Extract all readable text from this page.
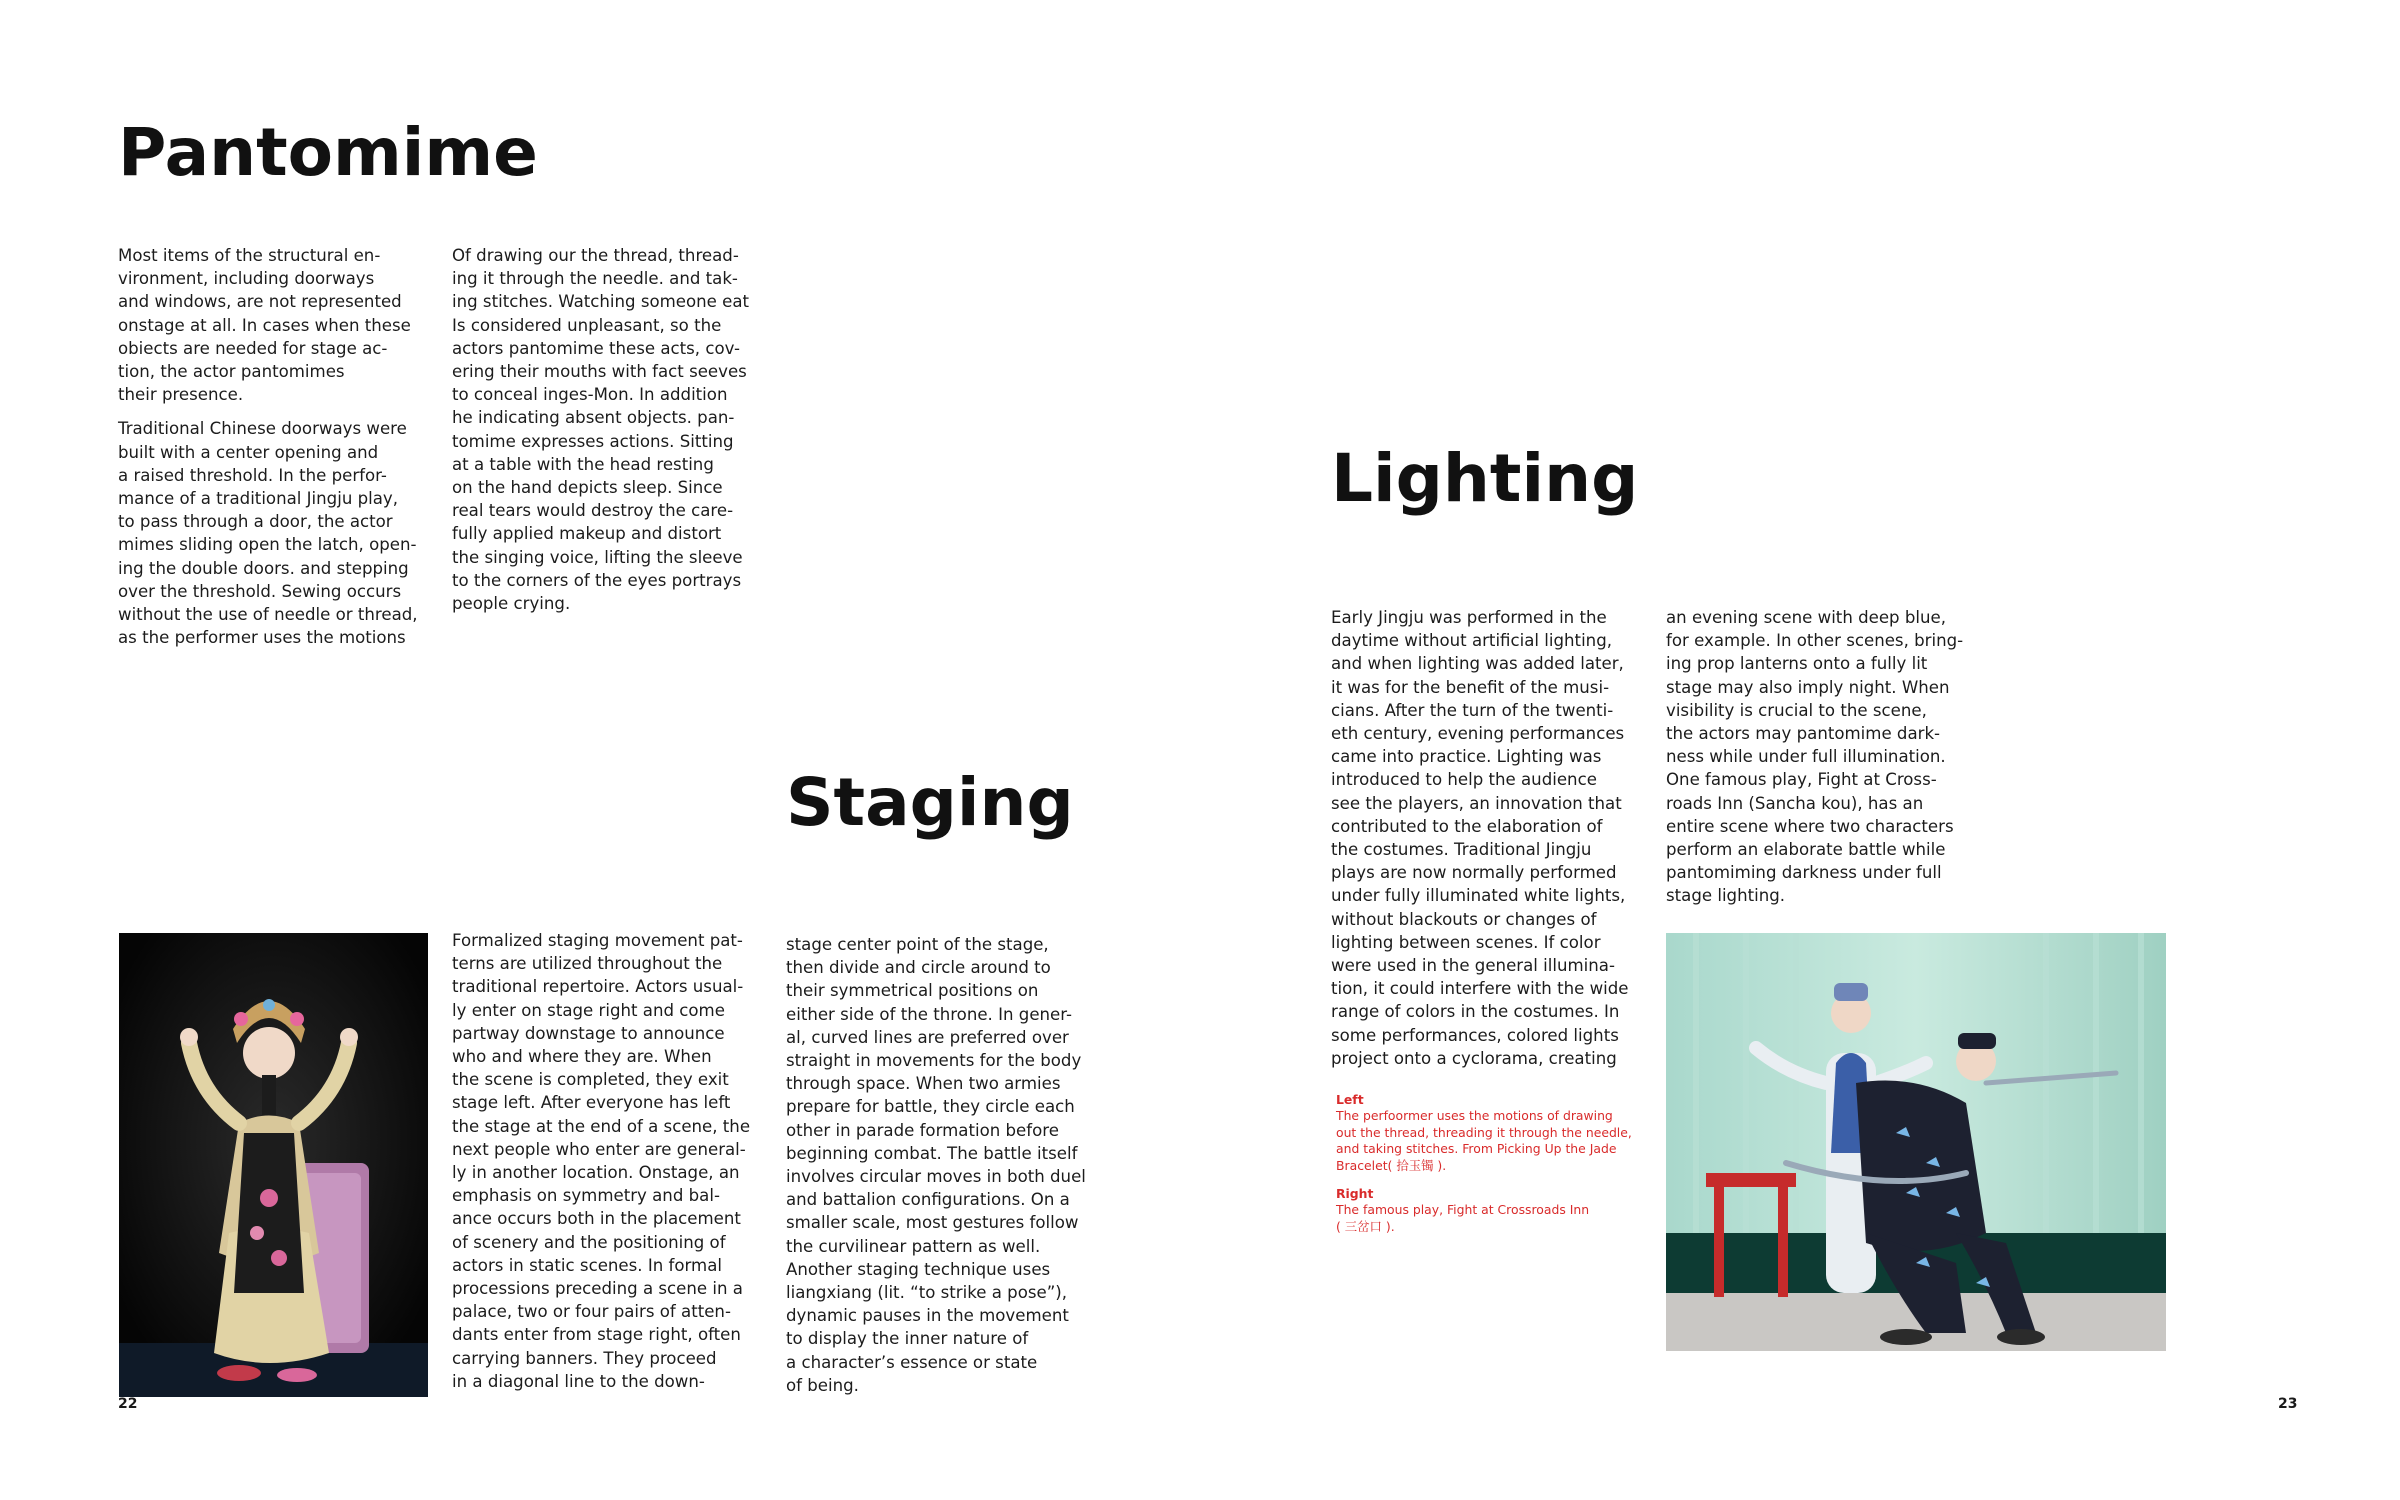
Pantomime

Most items of the structural en-
vironment, including doorways
and windows, are not represented
onstage at all. In cases when these
obiects are needed for stage ac-
tion, the actor pantomimes
their presence.

Traditional Chinese doorways were
built with a center opening and
a raised threshold. In the perfor-
mance of a traditional Jingju play,
to pass through a door, the actor
mimes sliding open the latch, open-
ing the double doors. and stepping
over the threshold. Sewing occurs
without the use of needle or thread,
as the performer uses the motions

Of drawing our the thread, thread-
ing it through the needle. and tak-
ing stitches. Watching someone eat
Is considered unpleasant, so the
actors pantomime these acts, cov-
ering their mouths with fact seeves
to conceal inges-Mon. In addition
he indicating absent objects. pan-
tomime expresses actions. Sitting
at a table with the head resting
on the hand depicts sleep. Since
real tears would destroy the care-
fully applied makeup and distort
the singing voice, lifting the sleeve
to the corners of the eyes portrays
people crying.

Staging

Formalized staging movement pat-
terns are utilized throughout the
traditional repertoire. Actors usual-
ly enter on stage right and come
partway downstage to announce
who and where they are. When
the scene is completed, they exit
stage left. After everyone has left
the stage at the end of a scene, the
next people who enter are general-
ly in another location. Onstage, an
emphasis on symmetry and bal-
ance occurs both in the placement
of scenery and the positioning of
actors in static scenes. In formal
processions preceding a scene in a
palace, two or four pairs of atten-
dants enter from stage right, often
carrying banners. They proceed
in a diagonal line to the down-

stage center point of the stage,
then divide and circle around to
their symmetrical positions on
either side of the throne. In gener-
al, curved lines are preferred over
straight in movements for the body
through space. When two armies
prepare for battle, they circle each
other in parade formation before
beginning combat. The battle itself
involves circular moves in both duel
and battalion configurations. On a
smaller scale, most gestures follow
the curvilinear pattern as well.
Another staging technique uses
liangxiang (lit. “to strike a pose”),
dynamic pauses in the movement
to display the inner nature of
a character’s essence or state
of being.

22
Lighting

Early Jingju was performed in the
daytime without artificial lighting,
and when lighting was added later,
it was for the benefit of the musi-
cians. After the turn of the twenti-
eth century, evening performances
came into practice. Lighting was
introduced to help the audience
see the players, an innovation that
contributed to the elaboration of
the costumes. Traditional Jingju
plays are now normally performed
under fully illuminated white lights,
without blackouts or changes of
lighting between scenes. If color
were used in the general illumina-
tion, it could interfere with the wide
range of colors in the costumes. In
some performances, colored lights
project onto a cyclorama, creating

an evening scene with deep blue,
for example. In other scenes, bring-
ing prop lanterns onto a fully lit
stage may also imply night. When
visibility is crucial to the scene,
the actors may pantomime dark-
ness while under full illumination.
One famous play, Fight at Cross-
roads Inn (Sancha kou), has an
entire scene where two characters
perform an elaborate battle while
pantomiming darkness under full
stage lighting.

Left
The perfoormer uses the motions of drawing
out the thread, threading it through the needle,
and taking stitches. From Picking Up the Jade
Bracelet( 拾玉镯 ).
Right
The famous play, Fight at Crossroads Inn
( 三岔口 ).
23
